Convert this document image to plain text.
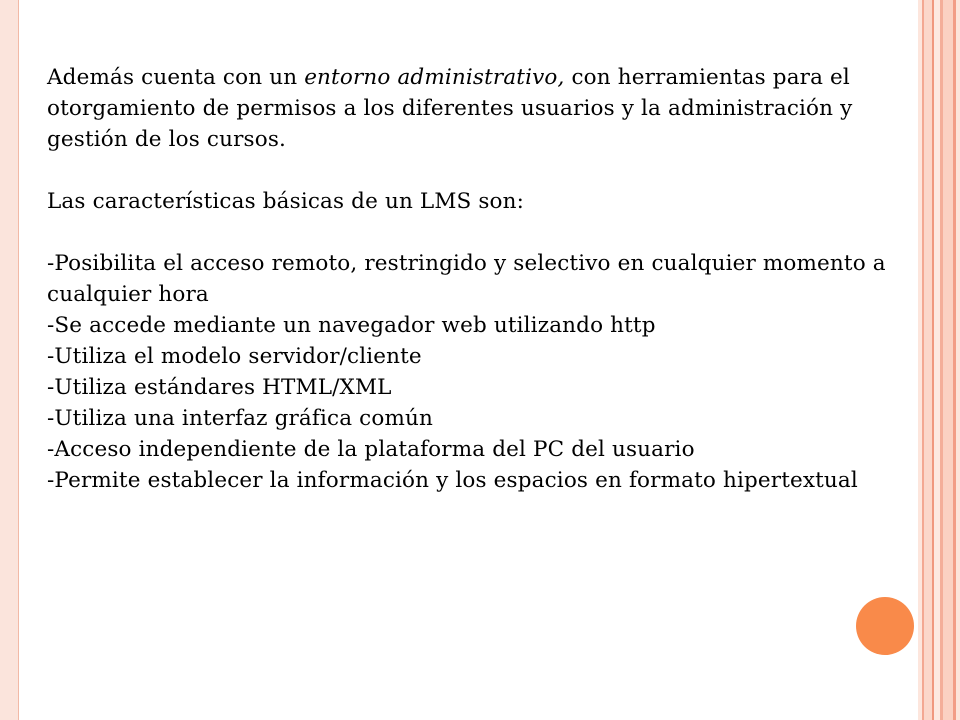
Además cuenta con un entorno administrativo, con herramientas para el otorgamiento de permisos a los diferentes usuarios y la administración y gestión de los cursos.

Las características básicas de un LMS son:

-Posibilita el acceso remoto, restringido y selectivo en cualquier momento a cualquier hora
-Se accede mediante un navegador web utilizando http
-Utiliza el modelo servidor/cliente
-Utiliza estándares HTML/XML
-Utiliza una interfaz gráfica común
-Acceso independiente de la plataforma del PC del usuario
-Permite establecer la información y los espacios en formato hipertextual
